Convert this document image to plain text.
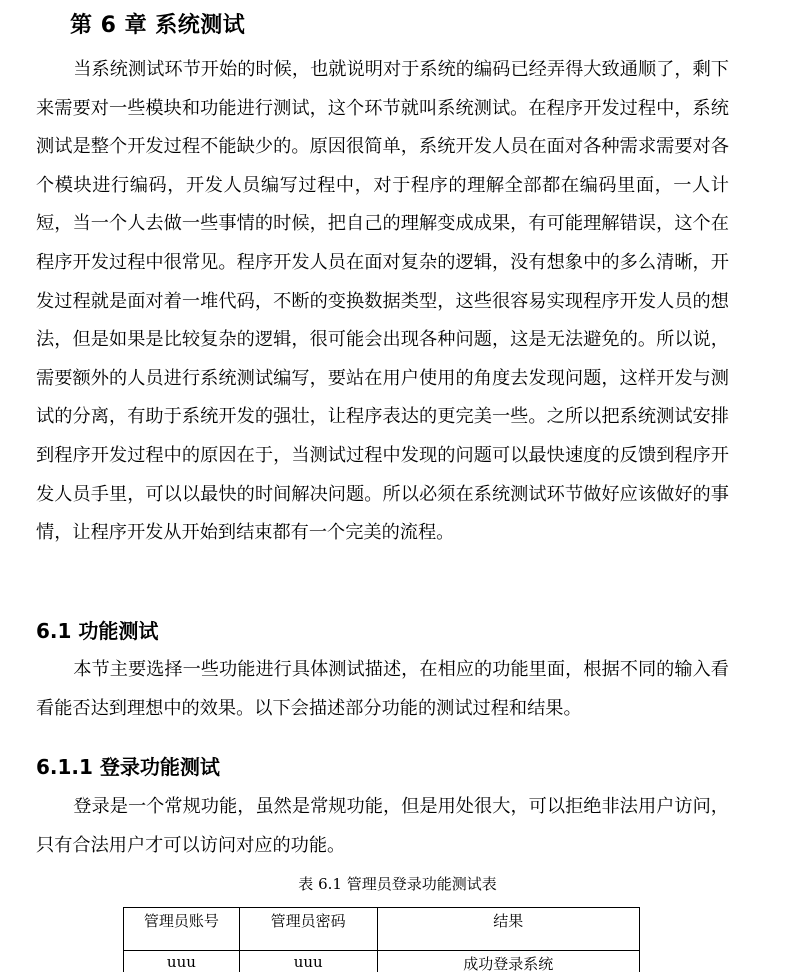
第 6 章 系统测试

当系统测试环节开始的时候，也就说明对于系统的编码已经弄得大致通顺了，剩下来需要对一些模块和功能进行测试，这个环节就叫系统测试。在程序开发过程中，系统测试是整个开发过程不能缺少的。原因很简单，系统开发人员在面对各种需求需要对各个模块进行编码，开发人员编写过程中，对于程序的理解全部都在编码里面，一人计短，当一个人去做一些事情的时候，把自己的理解变成成果，有可能理解错误，这个在程序开发过程中很常见。程序开发人员在面对复杂的逻辑，没有想象中的多么清晰，开发过程就是面对着一堆代码，不断的变换数据类型，这些很容易实现程序开发人员的想法，但是如果是比较复杂的逻辑，很可能会出现各种问题，这是无法避免的。所以说，需要额外的人员进行系统测试编写，要站在用户使用的角度去发现问题，这样开发与测试的分离，有助于系统开发的强壮，让程序表达的更完美一些。之所以把系统测试安排到程序开发过程中的原因在于，当测试过程中发现的问题可以最快速度的反馈到程序开发人员手里，可以以最快的时间解决问题。所以必须在系统测试环节做好应该做好的事情，让程序开发从开始到结束都有一个完美的流程。

6.1 功能测试

本节主要选择一些功能进行具体测试描述，在相应的功能里面，根据不同的输入看看能否达到理想中的效果。以下会描述部分功能的测试过程和结果。

6.1.1 登录功能测试

登录是一个常规功能，虽然是常规功能，但是用处很大，可以拒绝非法用户访问，只有合法用户才可以访问对应的功能。

表 6.1 管理员登录功能测试表

管理员账号	管理员密码	结果
uuu	uuu	成功登录系统
